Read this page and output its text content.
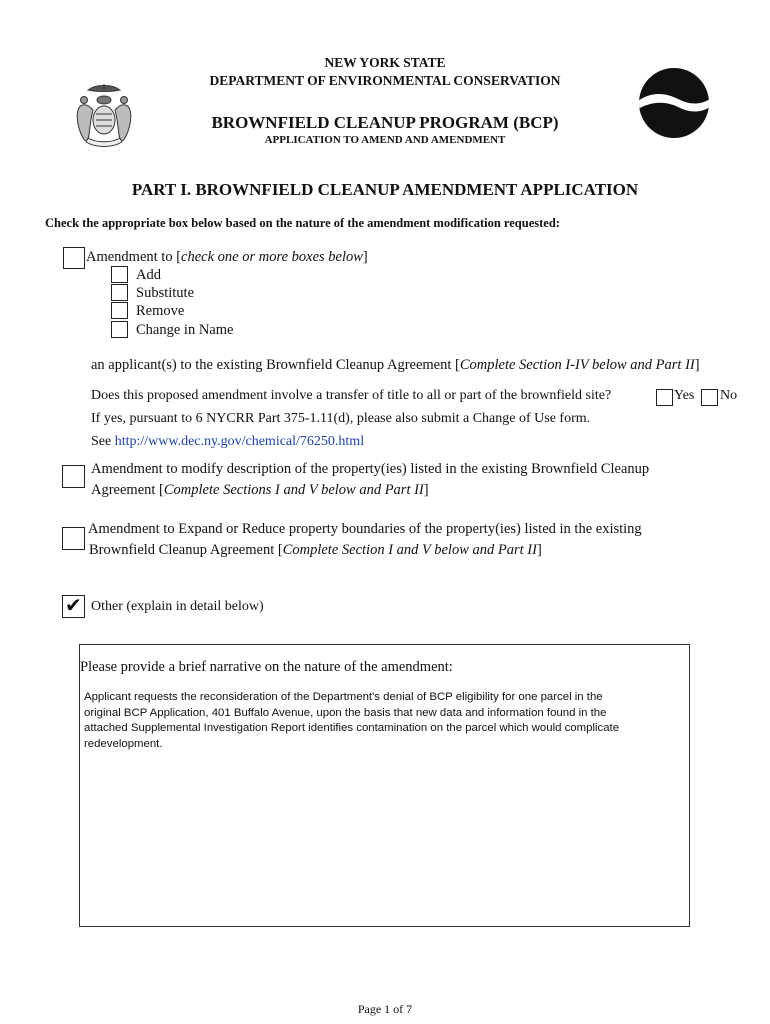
NEW YORK STATE
DEPARTMENT OF ENVIRONMENTAL CONSERVATION
BROWNFIELD CLEANUP PROGRAM (BCP)
APPLICATION TO AMEND AND AMENDMENT
PART I. BROWNFIELD CLEANUP AMENDMENT APPLICATION
Check the appropriate box below based on the nature of the amendment modification requested:
Amendment to [check one or more boxes below]
Add
Substitute
Remove
Change in Name
an applicant(s) to the existing Brownfield Cleanup Agreement [Complete Section I-IV below and Part II]
Does this proposed amendment involve a transfer of title to all or part of the brownfield site?	Yes No
If yes, pursuant to 6 NYCRR Part 375-1.11(d), please also submit a Change of Use form.
See http://www.dec.ny.gov/chemical/76250.html
Amendment to modify description of the property(ies) listed in the existing Brownfield Cleanup
Agreement [Complete Sections I and V below and Part II]
Amendment to Expand or Reduce property boundaries of the property(ies) listed in the existing
Brownfield Cleanup Agreement [Complete Section I and V below and Part II]
✔ Other (explain in detail below)
Please provide a brief narrative on the nature of the amendment:
Applicant requests the reconsideration of the Department's denial of BCP eligibility for one parcel in the
original BCP Application, 401 Buffalo Avenue, upon the basis that new data and information found in the
attached Supplemental Investigation Report identifies contamination on the parcel which would complicate
redevelopment.
Page 1 of 7
